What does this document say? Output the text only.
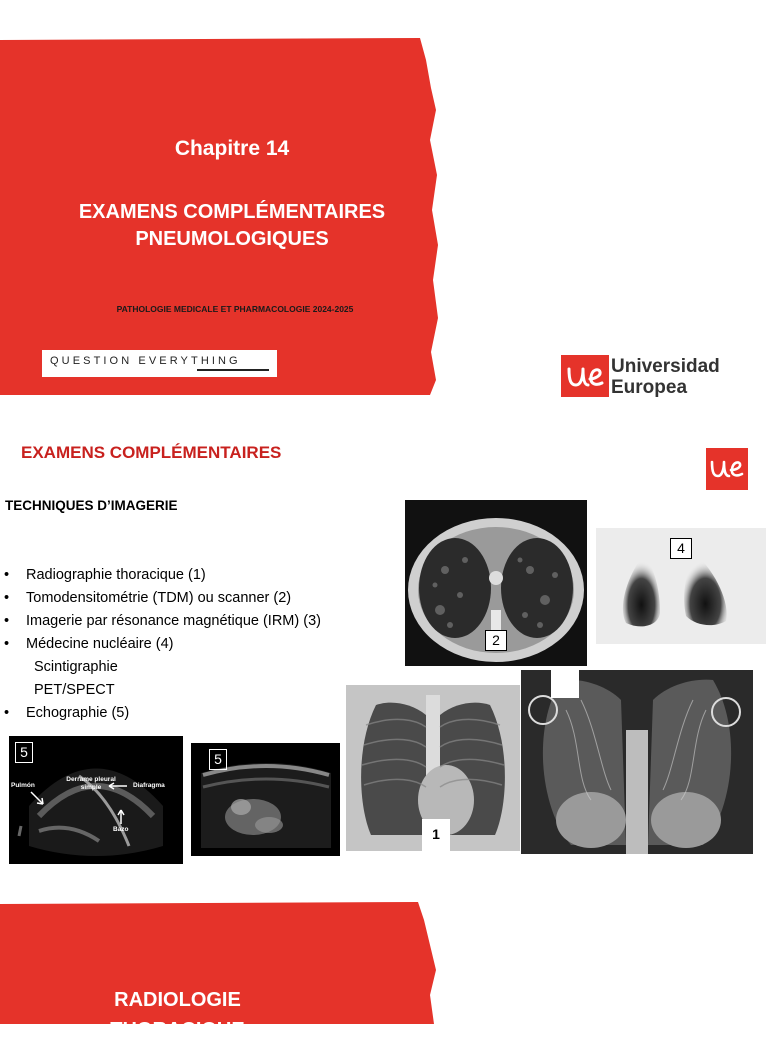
Chapitre 14
EXAMENS COMPLÉMENTAIRES
PNEUMOLOGIQUES
PATHOLOGIE MEDICALE ET PHARMACOLOGIE 2024-2025
QUESTION EVERYTHING	Universidad
Europea
EXAMENS COMPLÉMENTAIRES
TECHNIQUES D’IMAGERIE
• Radiographie thoracique (1)
• Tomodensitométrie (TDM) ou scanner (2)
• Imagerie par résonance magnétique (IRM) (3)
• Médecine nucléaire (4)
Scintigraphie
PET/SPECT
• Echographie (5)
2
4
1
5
Pulmón
Derrame pleural
simple	Diafragma
Bazo
5
RADIOLOGIE
THORACIQUE
